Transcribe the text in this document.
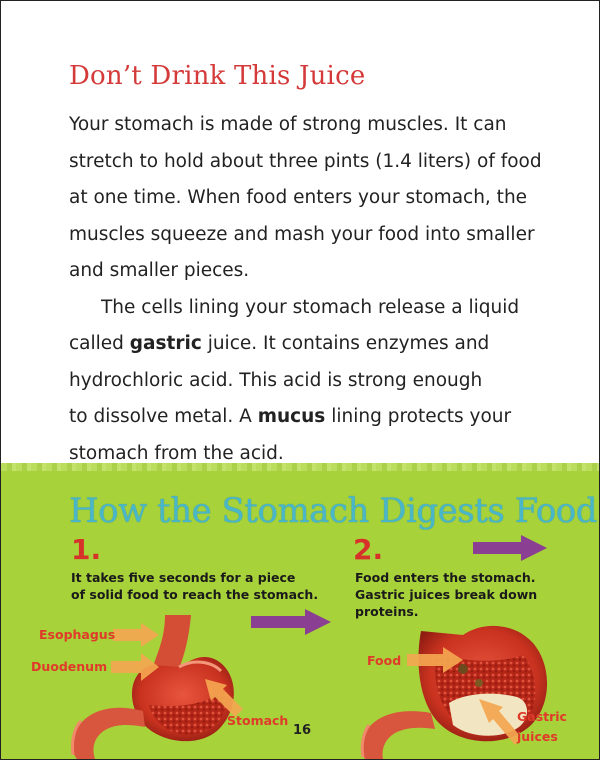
Don’t Drink This Juice

Your stomach is made of strong muscles. It can
stretch to hold about three pints (1.4 liters) of food
at one time. When food enters your stomach, the
muscles squeeze and mash your food into smaller
and smaller pieces.

The cells lining your stomach release a liquid
called gastric juice. It contains enzymes and
hydrochloric acid. This acid is strong enough
to dissolve metal. A mucus lining protects your
stomach from the acid.

How the Stomach Digests Food
1.
It takes five seconds for a piece
of solid food to reach the stomach.
2.
Food enters the stomach.
Gastric juices break down
proteins.
Esophagus
Duodenum
Stomach
Food
Gastric
juices
16
